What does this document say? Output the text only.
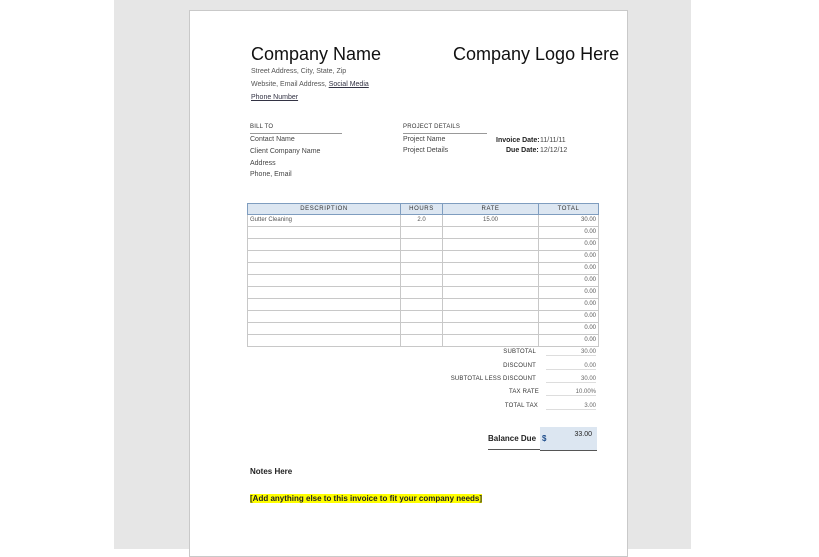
Company Name	Company Logo Here
Street Address, City, State, Zip
Website, Email Address, Social Media
Phone Number
BILL TO
Contact Name
Client Company Name
Address
Phone, Email
PROJECT DETAILS
Project Name
Project Details
Invoice Date: 11/11/11
Due Date: 12/12/12
DESCRIPTION	HOURS	RATE	TOTAL
Gutter Cleaning	2.0	15.00	30.00
			0.00
			0.00
			0.00
			0.00
			0.00
			0.00
			0.00
			0.00
			0.00
			0.00
SUBTOTAL	30.00
DISCOUNT	0.00
SUBTOTAL LESS DISCOUNT	30.00
TAX RATE	10.00%
TOTAL TAX	3.00
Balance Due $	33.00
Notes Here
[Add anything else to this invoice to fit your company needs]
